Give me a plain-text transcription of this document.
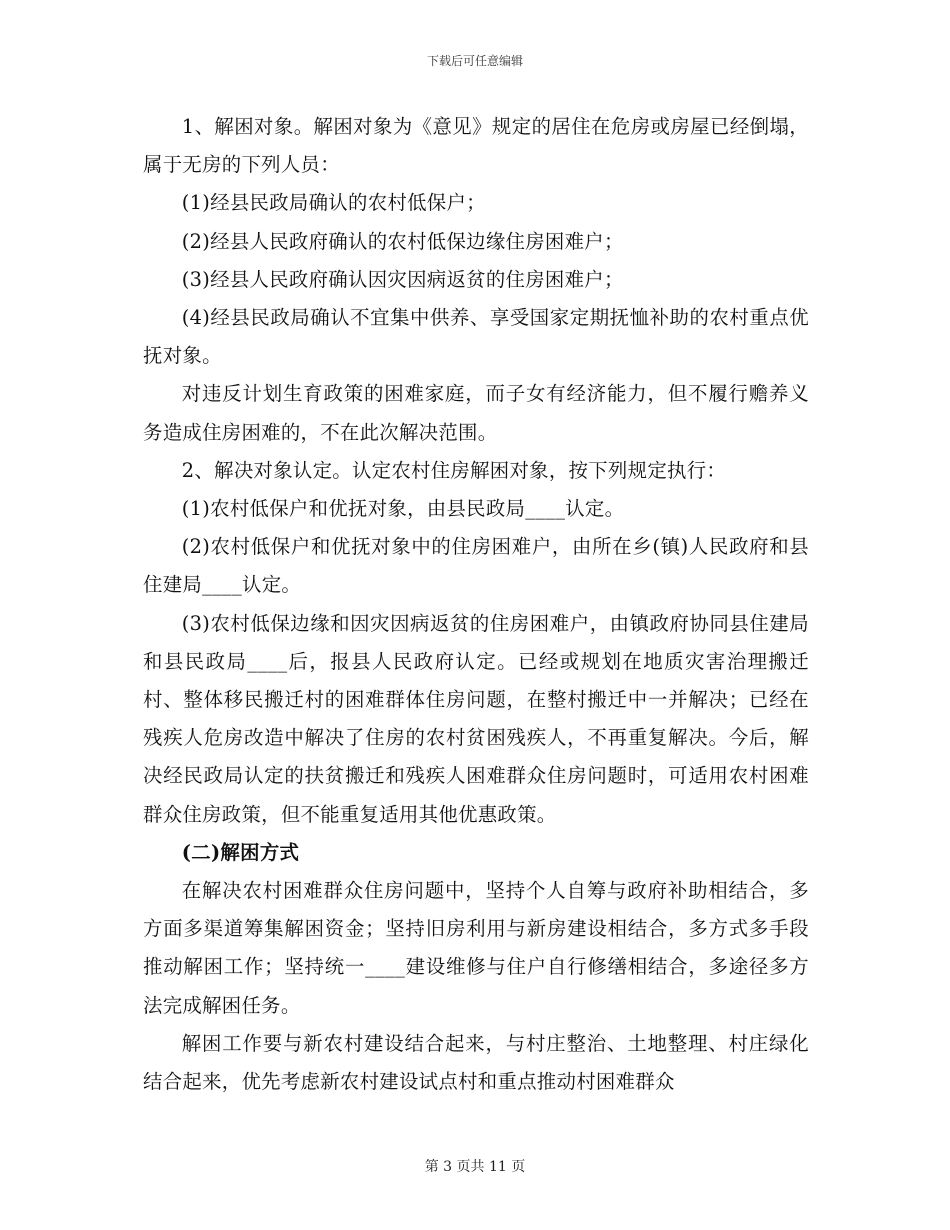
下载后可任意编辑

1、解困对象。解困对象为《意见》规定的居住在危房或房屋已经倒塌，属于无房的下列人员：

(1)经县民政局确认的农村低保户；

(2)经县人民政府确认的农村低保边缘住房困难户；

(3)经县人民政府确认因灾因病返贫的住房困难户；

(4)经县民政局确认不宜集中供养、享受国家定期抚恤补助的农村重点优抚对象。

对违反计划生育政策的困难家庭，而子女有经济能力，但不履行赡养义务造成住房困难的，不在此次解决范围。

2、解决对象认定。认定农村住房解困对象，按下列规定执行：

(1)农村低保户和优抚对象，由县民政局____认定。

(2)农村低保户和优抚对象中的住房困难户，由所在乡(镇)人民政府和县住建局____认定。

(3)农村低保边缘和因灾因病返贫的住房困难户，由镇政府协同县住建局和县民政局____后，报县人民政府认定。已经或规划在地质灾害治理搬迁村、整体移民搬迁村的困难群体住房问题，在整村搬迁中一并解决；已经在残疾人危房改造中解决了住房的农村贫困残疾人，不再重复解决。今后，解决经民政局认定的扶贫搬迁和残疾人困难群众住房问题时，可适用农村困难群众住房政策，但不能重复适用其他优惠政策。

(二)解困方式

在解决农村困难群众住房问题中，坚持个人自筹与政府补助相结合，多方面多渠道筹集解困资金；坚持旧房利用与新房建设相结合，多方式多手段推动解困工作；坚持统一____建设维修与住户自行修缮相结合，多途径多方法完成解困任务。

解困工作要与新农村建设结合起来，与村庄整治、土地整理、村庄绿化结合起来，优先考虑新农村建设试点村和重点推动村困难群众

第 3 页共 11 页
